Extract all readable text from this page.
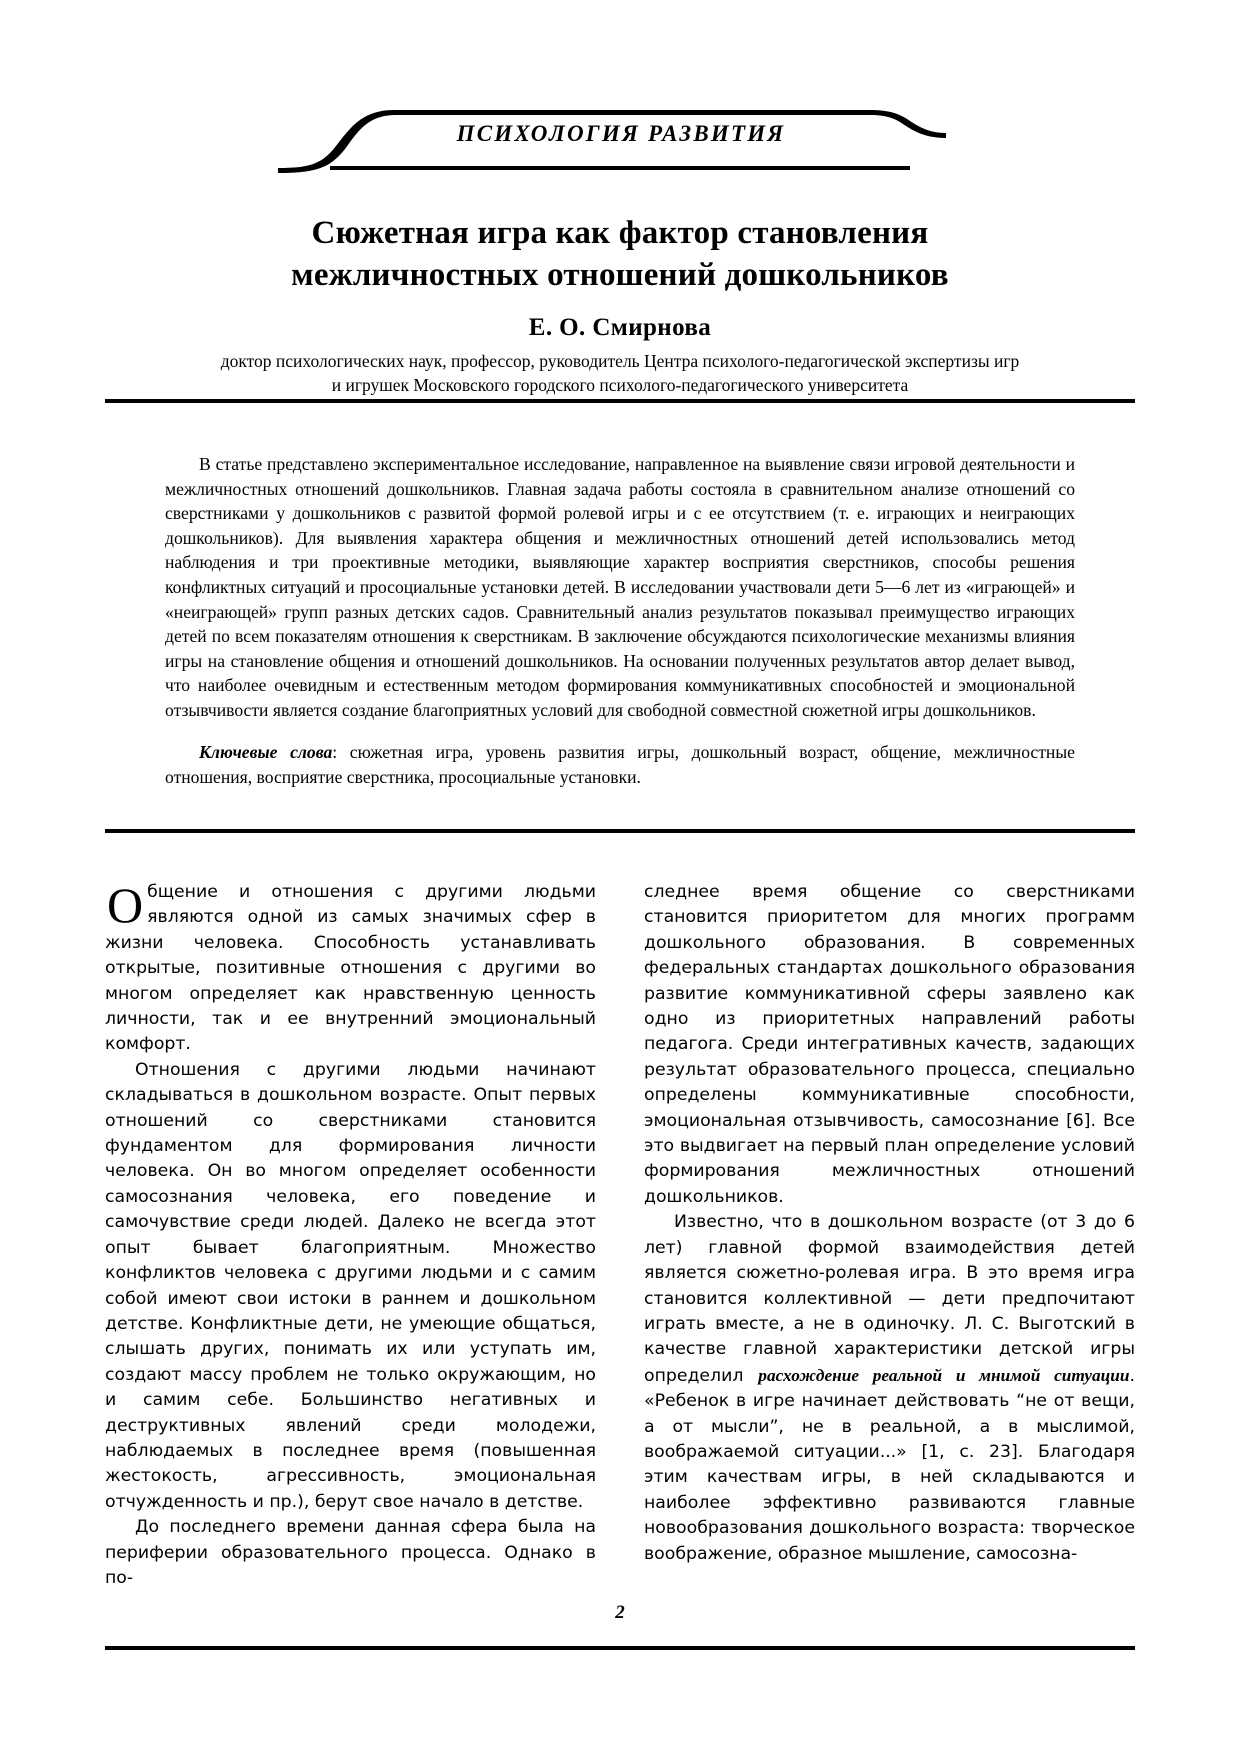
ПСИХОЛОГИЯ РАЗВИТИЯ
Сюжетная игра как фактор становления
межличностных отношений дошкольников
Е. О. Смирнова
доктор психологических наук, профессор, руководитель Центра психолого-педагогической экспертизы игр
и игрушек Московского городского психолого-педагогического университета
В статье представлено экспериментальное исследование, направленное на выявление связи игровой деятельности и межличностных отношений дошкольников. Главная задача работы состояла в сравнительном анализе отношений со сверстниками у дошкольников с развитой формой ролевой игры и с ее отсутствием (т. е. играющих и неиграющих дошкольников). Для выявления характера общения и межличностных отношений детей использовались метод наблюдения и три проективные методики, выявляющие характер восприятия сверстников, способы решения конфликтных ситуаций и просоциальные установки детей. В исследовании участвовали дети 5—6 лет из «играющей» и «неиграющей» групп разных детских садов. Сравнительный анализ результатов показывал преимущество играющих детей по всем показателям отношения к сверстникам. В заключение обсуждаются психологические механизмы влияния игры на становление общения и отношений дошкольников. На основании полученных результатов автор делает вывод, что наиболее очевидным и естественным методом формирования коммуникативных способностей и эмоциональной отзывчивости является создание благоприятных условий для свободной совместной сюжетной игры дошкольников.
Ключевые слова: сюжетная игра, уровень развития игры, дошкольный возраст, общение, межличностные отношения, восприятие сверстника, просоциальные установки.

Общение и отношения с другими людьми являются одной из самых значимых сфер в жизни человека. Способность устанавливать открытые, позитивные отношения с другими во многом определяет как нравственную ценность личности, так и ее внутренний эмоциональный комфорт.

Отношения с другими людьми начинают складываться в дошкольном возрасте. Опыт первых отношений со сверстниками становится фундаментом для формирования личности человека. Он во многом определяет особенности самосознания человека, его поведение и самочувствие среди людей. Далеко не всегда этот опыт бывает благоприятным. Множество конфликтов человека с другими людьми и с самим собой имеют свои истоки в раннем и дошкольном детстве. Конфликтные дети, не умеющие общаться, слышать других, понимать их или уступать им, создают массу проблем не только окружающим, но и самим себе. Большинство негативных и деструктивных явлений среди молодежи, наблюдаемых в последнее время (повышенная жестокость, агрессивность, эмоциональная отчужденность и пр.), берут свое начало в детстве.

До последнего времени данная сфера была на периферии образовательного процесса. Однако в по-

следнее время общение со сверстниками становится приоритетом для многих программ дошкольного образования. В современных федеральных стандартах дошкольного образования развитие коммуникативной сферы заявлено как одно из приоритетных направлений работы педагога. Среди интегративных качеств, задающих результат образовательного процесса, специально определены коммуникативные способности, эмоциональная отзывчивость, самосознание [6]. Все это выдвигает на первый план определение условий формирования межличностных отношений дошкольников.

Известно, что в дошкольном возрасте (от 3 до 6 лет) главной формой взаимодействия детей является сюжетно-ролевая игра. В это время игра становится коллективной — дети предпочитают играть вместе, а не в одиночку. Л. С. Выготский в качестве главной характеристики детской игры определил расхождение реальной и мнимой ситуации. «Ребенок в игре начинает действовать “не от вещи, а от мысли”, не в реальной, а в мыслимой, воображаемой ситуации...» [1, с. 23]. Благодаря этим качествам игры, в ней складываются и наиболее эффективно развиваются главные новообразования дошкольного возраста: творческое воображение, образное мышление, самосозна-

2
